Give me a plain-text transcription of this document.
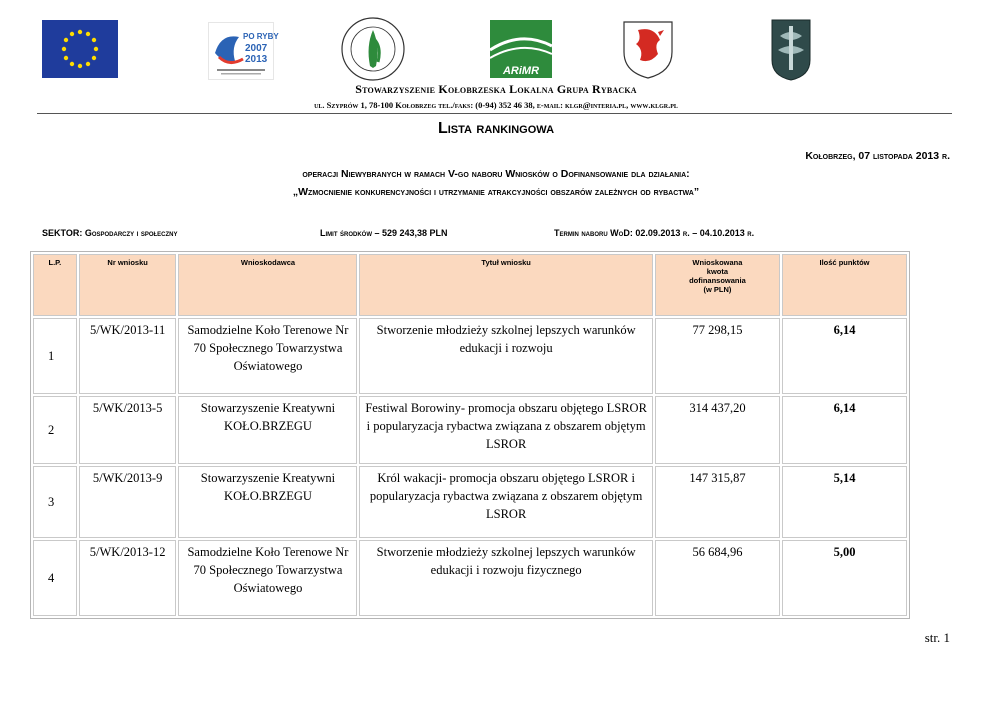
PO RYBY
2007
2013
ARiMR
Stowarzyszenie Kołobrzeska Lokalna Grupa Rybacka
ul. Szyprów 1, 78-100 Kołobrzeg tel./faks: (0-94) 352 46 38, e-mail: klgr@interia.pl, www.klgr.pl
Lista rankingowa
Kołobrzeg, 07 listopada 2013 r.
operacji Niewybranych w ramach V-go naboru Wniosków o Dofinansowanie dla działania:
„Wzmocnienie konkurencyjności i utrzymanie atrakcyjności obszarów zależnych od rybactwa”
SEKTOR: Gospodarczy i społeczny	Limit środków – 529 243,38 PLN	Termin naboru WoD: 02.09.2013 r. – 04.10.2013 r.
L.P.	Nr wniosku	Wnioskodawca	Tytuł wniosku	Wnioskowana
kwota
dofinansowania
(w PLN)	Ilość punktów
1	5/WK/2013-11	Samodzielne Koło Terenowe Nr 70 Społecznego Towarzystwa Oświatowego	Stworzenie młodzieży szkolnej lepszych warunków edukacji i rozwoju	77 298,15	6,14
2	5/WK/2013-5	Stowarzyszenie Kreatywni KOŁO.BRZEGU	Festiwal Borowiny- promocja obszaru objętego LSROR i popularyzacja rybactwa związana z obszarem objętym LSROR	314 437,20	6,14
3	5/WK/2013-9	Stowarzyszenie Kreatywni KOŁO.BRZEGU	Król wakacji- promocja obszaru objętego LSROR i popularyzacja rybactwa związana z obszarem objętym LSROR	147 315,87	5,14
4	5/WK/2013-12	Samodzielne Koło Terenowe Nr 70 Społecznego Towarzystwa Oświatowego	Stworzenie młodzieży szkolnej lepszych warunków edukacji i rozwoju fizycznego	56 684,96	5,00
str. 1
